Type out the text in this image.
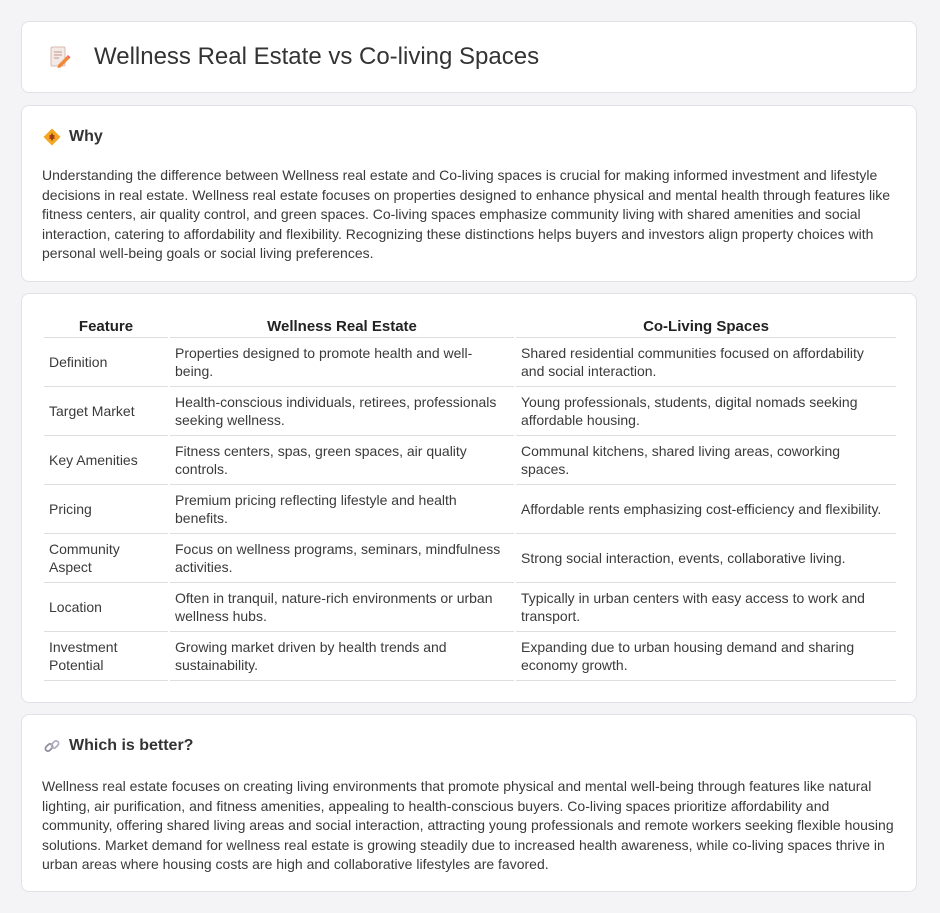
Wellness Real Estate vs Co-living Spaces
Why

Understanding the difference between Wellness real estate and Co-living spaces is crucial for making informed investment and lifestyle decisions in real estate. Wellness real estate focuses on properties designed to enhance physical and mental health through features like fitness centers, air quality control, and green spaces. Co-living spaces emphasize community living with shared amenities and social interaction, catering to affordability and flexibility. Recognizing these distinctions helps buyers and investors align property choices with personal well-being goals or social living preferences.

Feature	Wellness Real Estate	Co-Living Spaces
Definition	Properties designed to promote health and well-being.	Shared residential communities focused on affordability and social interaction.
Target Market	Health-conscious individuals, retirees, professionals seeking wellness.	Young professionals, students, digital nomads seeking affordable housing.
Key Amenities	Fitness centers, spas, green spaces, air quality controls.	Communal kitchens, shared living areas, coworking spaces.
Pricing	Premium pricing reflecting lifestyle and health benefits.	Affordable rents emphasizing cost-efficiency and flexibility.
Community Aspect	Focus on wellness programs, seminars, mindfulness activities.	Strong social interaction, events, collaborative living.
Location	Often in tranquil, nature-rich environments or urban wellness hubs.	Typically in urban centers with easy access to work and transport.
Investment Potential	Growing market driven by health trends and sustainability.	Expanding due to urban housing demand and sharing economy growth.
Which is better?

Wellness real estate focuses on creating living environments that promote physical and mental well-being through features like natural lighting, air purification, and fitness amenities, appealing to health-conscious buyers. Co-living spaces prioritize affordability and community, offering shared living areas and social interaction, attracting young professionals and remote workers seeking flexible housing solutions. Market demand for wellness real estate is growing steadily due to increased health awareness, while co-living spaces thrive in urban areas where housing costs are high and collaborative lifestyles are favored.
